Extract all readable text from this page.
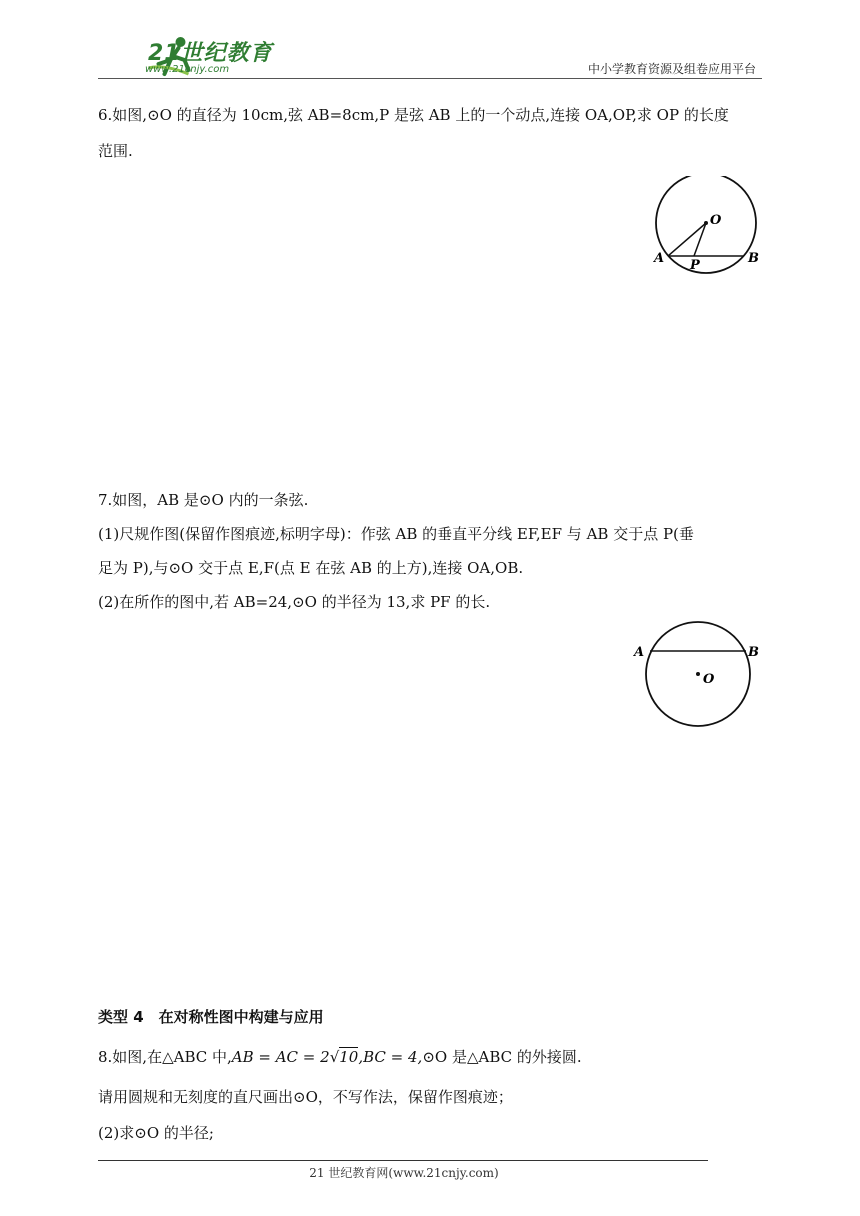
21世纪教育
www.21cnjy.com	中小学教育资源及组卷应用平台
6.如图,⊙O 的直径为 10cm,弦 AB=8cm,P 是弦 AB 上的一个动点,连接 OA,OP,求 OP 的长度
范围.
O
A	B
P
7.如图，AB 是⊙O 内的一条弦.
(1)尺规作图(保留作图痕迹,标明字母)：作弦 AB 的垂直平分线 EF,EF 与 AB 交于点 P(垂
足为 P),与⊙O 交于点 E,F(点 E 在弦 AB 的上方),连接 OA,OB.
(2)在所作的图中,若 AB=24,⊙O 的半径为 13,求 PF 的长.
A	B
O
类型 4　在对称性图中构建与应用
8.如图,在△ABC 中,AB = AC = 2√10,BC = 4,⊙O 是△ABC 的外接圆.
请用圆规和无刻度的直尺画出⊙O，不写作法，保留作图痕迹；
(2)求⊙O 的半径;
21 世纪教育网(www.21cnjy.com)
